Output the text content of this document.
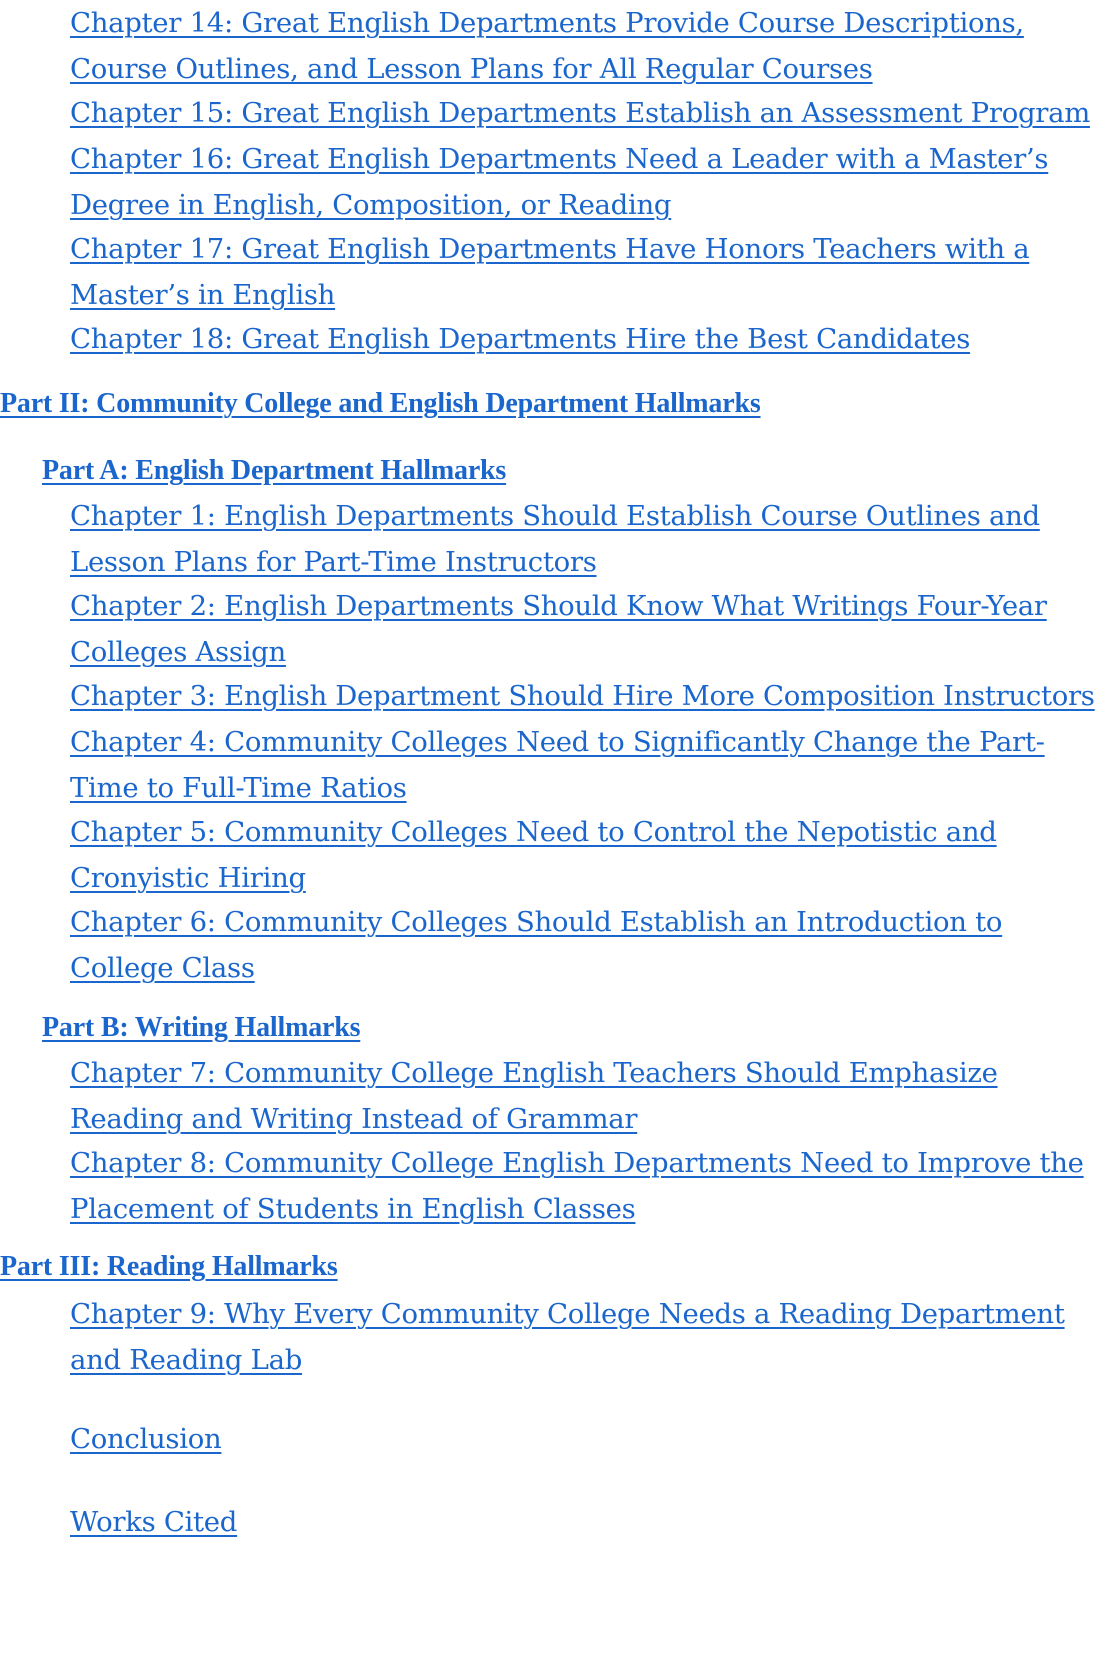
Chapter 14: Great English Departments Provide Course Descriptions, Course Outlines, and Lesson Plans for All Regular Courses
Chapter 15: Great English Departments Establish an Assessment Program
Chapter 16: Great English Departments Need a Leader with a Master’s Degree in English, Composition, or Reading
Chapter 17: Great English Departments Have Honors Teachers with a Master’s in English
Chapter 18: Great English Departments Hire the Best Candidates
Part II: Community College and English Department Hallmarks
Part A: English Department Hallmarks
Chapter 1: English Departments Should Establish Course Outlines and Lesson Plans for Part-Time Instructors
Chapter 2: English Departments Should Know What Writings Four-Year Colleges Assign
Chapter 3: English Department Should Hire More Composition Instructors
Chapter 4: Community Colleges Need to Significantly Change the Part-Time to Full-Time Ratios
Chapter 5: Community Colleges Need to Control the Nepotistic and Cronyistic Hiring
Chapter 6: Community Colleges Should Establish an Introduction to College Class
Part B: Writing Hallmarks
Chapter 7: Community College English Teachers Should Emphasize Reading and Writing Instead of Grammar
Chapter 8: Community College English Departments Need to Improve the Placement of Students in English Classes
Part III: Reading Hallmarks
Chapter 9: Why Every Community College Needs a Reading Department and Reading Lab
Conclusion
Works Cited
